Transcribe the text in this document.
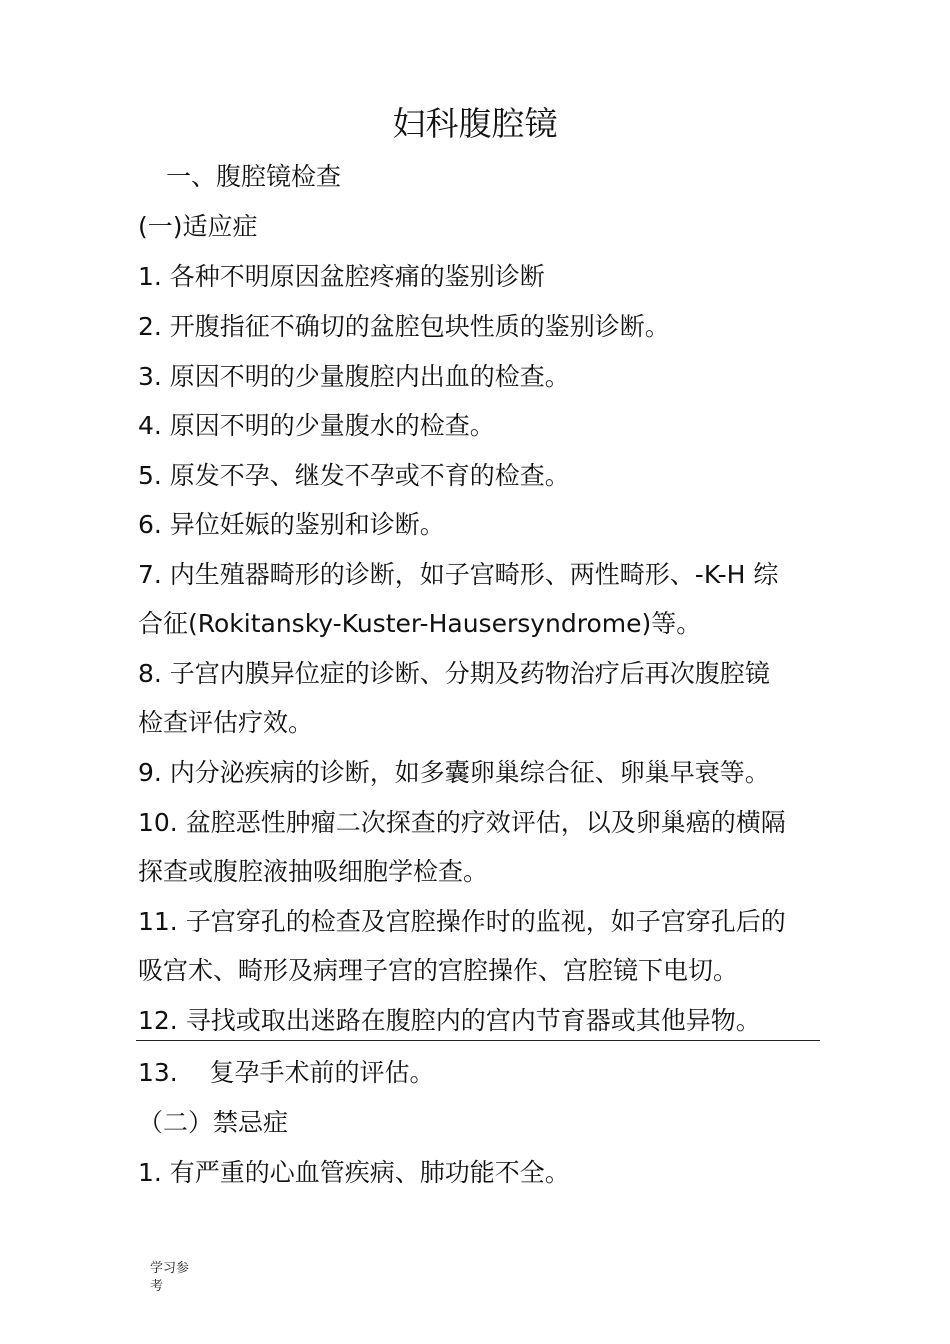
妇科腹腔镜
一、腹腔镜检查
(一)适应症
1. 各种不明原因盆腔疼痛的鉴别诊断
2. 开腹指征不确切的盆腔包块性质的鉴别诊断。
3. 原因不明的少量腹腔内出血的检查。
4. 原因不明的少量腹水的检查。
5. 原发不孕、继发不孕或不育的检查。
6. 异位妊娠的鉴别和诊断。
7. 内生殖器畸形的诊断，如子宫畸形、两性畸形、-K-H 综
合征(Rokitansky-Kuster-Hausersyndrome)等。
8. 子宫内膜异位症的诊断、分期及药物治疗后再次腹腔镜
检查评估疗效。
9. 内分泌疾病的诊断，如多囊卵巢综合征、卵巢早衰等。
10. 盆腔恶性肿瘤二次探查的疗效评估，以及卵巢癌的横隔
探查或腹腔液抽吸细胞学检查。
11. 子宫穿孔的检查及宫腔操作时的监视，如子宫穿孔后的
吸宫术、畸形及病理子宫的宫腔操作、宫腔镜下电切。
12. 寻找或取出迷路在腹腔内的宫内节育器或其他异物。
13.    复孕手术前的评估。
（二）禁忌症
1. 有严重的心血管疾病、肺功能不全。
学习参
考
